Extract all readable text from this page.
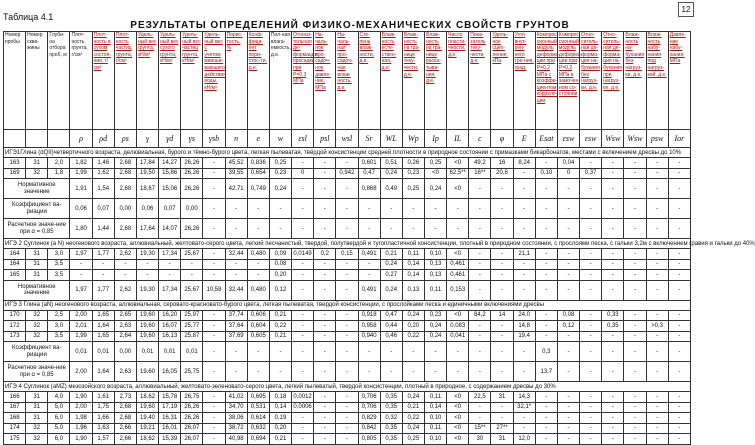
12
Таблица 4.1
РЕЗУЛЬТАТЫ ОПРЕДЕЛЕНИЙ ФИЗИКО-МЕХАНИЧЕСКИХ СВОЙСТВ ГРУНТОВ
Номер пробы	Номер сква-жины	Глуби-на отбора проб, м	Плот-ность грунта, г/см³	Плот-ность в сухом состоя-нии, г/см³	Плот-ность частиц грунта, г/см³	Удель-ный вес грунта, кН/м³	Удель-ный вес сухого грунта, кН/м³	Удель-ный вес частиц грунта, кН/м³	Удель-ный вес с учетом взвеши-вающего действия воды, кН/м³	Порис-тость, %	Коэф-фици-ент пори-стос-ти, д.е.	Пол-ная влага-емкость, д.е.	Относи-тельная де-формация просадки при Р=0.3 МПа	На-чаль-ное про-садоч-ное давле-ние, МПа	На-чаль-ная про-садоч-ная влаж-ность, д.е.	Сте-пень влаж-ности, д.е.	Влаж-ность есте-ствен-ная, д.е.	Влаж-ность на гра-нице теку-чести, д.е.	Влаж-ность на гра-нице раска-тыва-ния, д.е.	Число пласти-чности, д.е.	Пока-затель теку-чести, д.е.	Удель-ное сцеп-ление, кПа	Угол внут-рен-него тре-ния, град.	Компрес-сионный модуль деформа-ции при Р=0.2 МПа с коэффи-циентом корреля-ции	Компрес-сионный модуль деформа-ции при Р=0.2 МПа в замочен-ном со-стоянии	Отно-ситель-ная де-форма-ция на-бухания без нагруз-ки, д.е.	Отно-ситель-ная де-форма-ция на-бухания при нагруз-ке, д.е.	Влаж-ность на-бухания без нагруз-ки, д.е.	Влаж-ность набу-хания под нагруз-кой, д.е.	Давле-ние набу-хания, МПа
			ρ	ρd	ρs	γ	γd	γs	γsb	n	e	w	εsl	psl	wsl	Sr	WL	Wp	Ip	IL	c	φ	E	Esat	εsw	εsw	Wsw	Wsw	psw	Ior
ИГЭ1Глина (dQII)четвертичного возраста, делювиальная, бурого и тёмно-бурого цвета, легкая пылеватая, твёрдой консистенции средней плотности в природное состоянии с примазками бикарбонатов, местами с включением дресвы до 10%																														
163	31	2,0	1,82	1,46	2,68	17,84	14,27	26,26	-	45,52	0,836	0,25	-	-	-	0,601	0,51	0,26	0,25	<0	49,2	16	8,24	-	0,04	-	-	-	-	-
169	32	1,8	1,99	1,62	2,68	19,50	15,86	26,26	-	39,55	0,654	0,23	0	-	0,942	0,47	0,24	0,23	<0	62,5**	16**	20,8	-	0,10	0	0,37	-	-	-	-
Нормативное значение			1,91	1,54	2,68	18,67	15,06	26,26	-	42,71	0,749	0,24	-	-	-	0,868	0,49	0,25	0,24	<0	-	-	-	-	-	-	-	-	-	-
Коэффициент ва-риации			0,06	0,07	0,00	0,06	0,07	0,00	-	-	-	-	-	-	-	-	-	-	-	-	-	-	-	-	-	-	-	-	-	-
Расчетное значе-ние при α = 0,85			1,80	1,44	2,68	17,64	14,07	26,26	-	-	-	-	-	-	-	-	-	-	-	-	-	-	-	-	-	-	-	-	-	-
ИГЭ 2 Суглинок (a N) неогенового возраста, аллювиальный, желтовато-серого цвета, легкий песчанистый, твердой, полутвердой и тугопластичной консистенции, плотный в природном состоянии, с прослоями песка, с гальки 3,2м с включением гравия и гальки до 40%																														
164	31	3,0	1,97	1,77	2,62	19,30	17,34	25,67	-	32,44	0,480	0,09	0,0149	0,2	0,15	0,491	0,21	0,11	0,10	<0	-	-	21,1	-	-	-	-	-	-	-
164	31	3,5	-	-	-	-	-	-	-	-	-	0,08	-	-	-	-	0,24	0,14	0,13	0,461	-	-	-	-	-	-	-	-	-	-
165	31	3,5	-	-	-	-	-	-	-	-	-	0,20	-	-	-	-	0,27	0,14	0,13	0,461	-	-	-	-	-	-	-	-	-	-
Нормативное значение			1,97	1,77	2,62	19,30	17,34	25,67	10,58	32,44	0,480	0,12	-	-	-	0,491	0,24	0,13	0,11	0,153	-	-	-	-	-	-	-	-	-	-
ИГЭ 3 Глина (aN) неогенового возраста, аллювиальная, серовато-красновато-бурого цвета, легкая пылеватая, твердой консистенции, с прослойками песка и единичными включениями дресвы																														
170	32	2,5	2,00	1,65	2,65	19,60	16,20	25,97	-	37,74	0,606	0,21	-	-	-	0,918	0,47	0,24	0,23	<0	84,2	14	24,0	-	0,08	-	0,33	-	-	-
172	32	3,0	2,01	1,64	2,63	19,60	16,07	25,77	-	37,64	0,604	0,22	-	-	-	0,958	0,44	0,20	0,24	0,083	-	-	14,8	-	0,12	-	0,35	-	>0,3	-
173	32	3,5	1,99	1,65	2,64	19,60	16,13	25,87	-	37,69	0,605	0,21	-	-	-	0,940	0,46	0,22	0,24	0,041	-	-	19,4	-	-	-	-	-	-	-
Коэффициент ва-риации			0,01	0,01	0,00	0,01	0,01	0,01	-	-	-	-	-	-	-	-	-	-	-	-	-	-	-	0,3	-	-	-	-	-	-
Расчетное значе-ние при α = 0,85			2,00	1,64	2,63	19,60	16,05	25,75	-	-	-	-	-	-	-	-	-	-	-	-	-	-	-	13,7	-	-	-	-	-	-
ИГЭ 4 Суглинок (aMZ) мезозойского возраста, аллювиальный, желтовато-зеленовато-серого цвета, легкий пылеватый, твердой консистенции, плотный в природное, с содержанием дресвы до 30%																														
166	31	4,0	1,90	1,61	2,73	18,62	15,78	26,75	-	41,02	0,695	0,18	0,0012	-	-	0,706	0,35	0,24	0,11	<0	22,5	31	14,3	-	-	-	-	-	-	-
167	31	5,0	2,00	1,75	2,68	19,60	17,19	26,26	-	34,70	0,531	0,14	0,0006	-	-	0,706	0,35	0,21	0,14	<0	-	-	32,1*	-	-	-	-	-	-	-
168	31	6,0	1,98	1,66	2,68	19,40	16,31	26,26	-	38,06	0,614	0,19	-	-	-	0,829	0,32	0,22	0,10	<0	-	-	-	-	-	-	-	-	-	-
174	32	5,0	1,96	1,63	2,66	19,21	16,01	26,07	-	38,72	0,632	0,20	-	-	-	0,842	0,35	0,24	0,11	<0	15**	27**	-	-	-	-	-	-	-	-
175	32	6,0	1,90	1,57	2,66	18,62	15,39	26,07	-	40,98	0,694	0,21	-	-	-	0,805	0,35	0,25	0,10	<0	30	31	12,0	-	-	-	-	-	-	-
